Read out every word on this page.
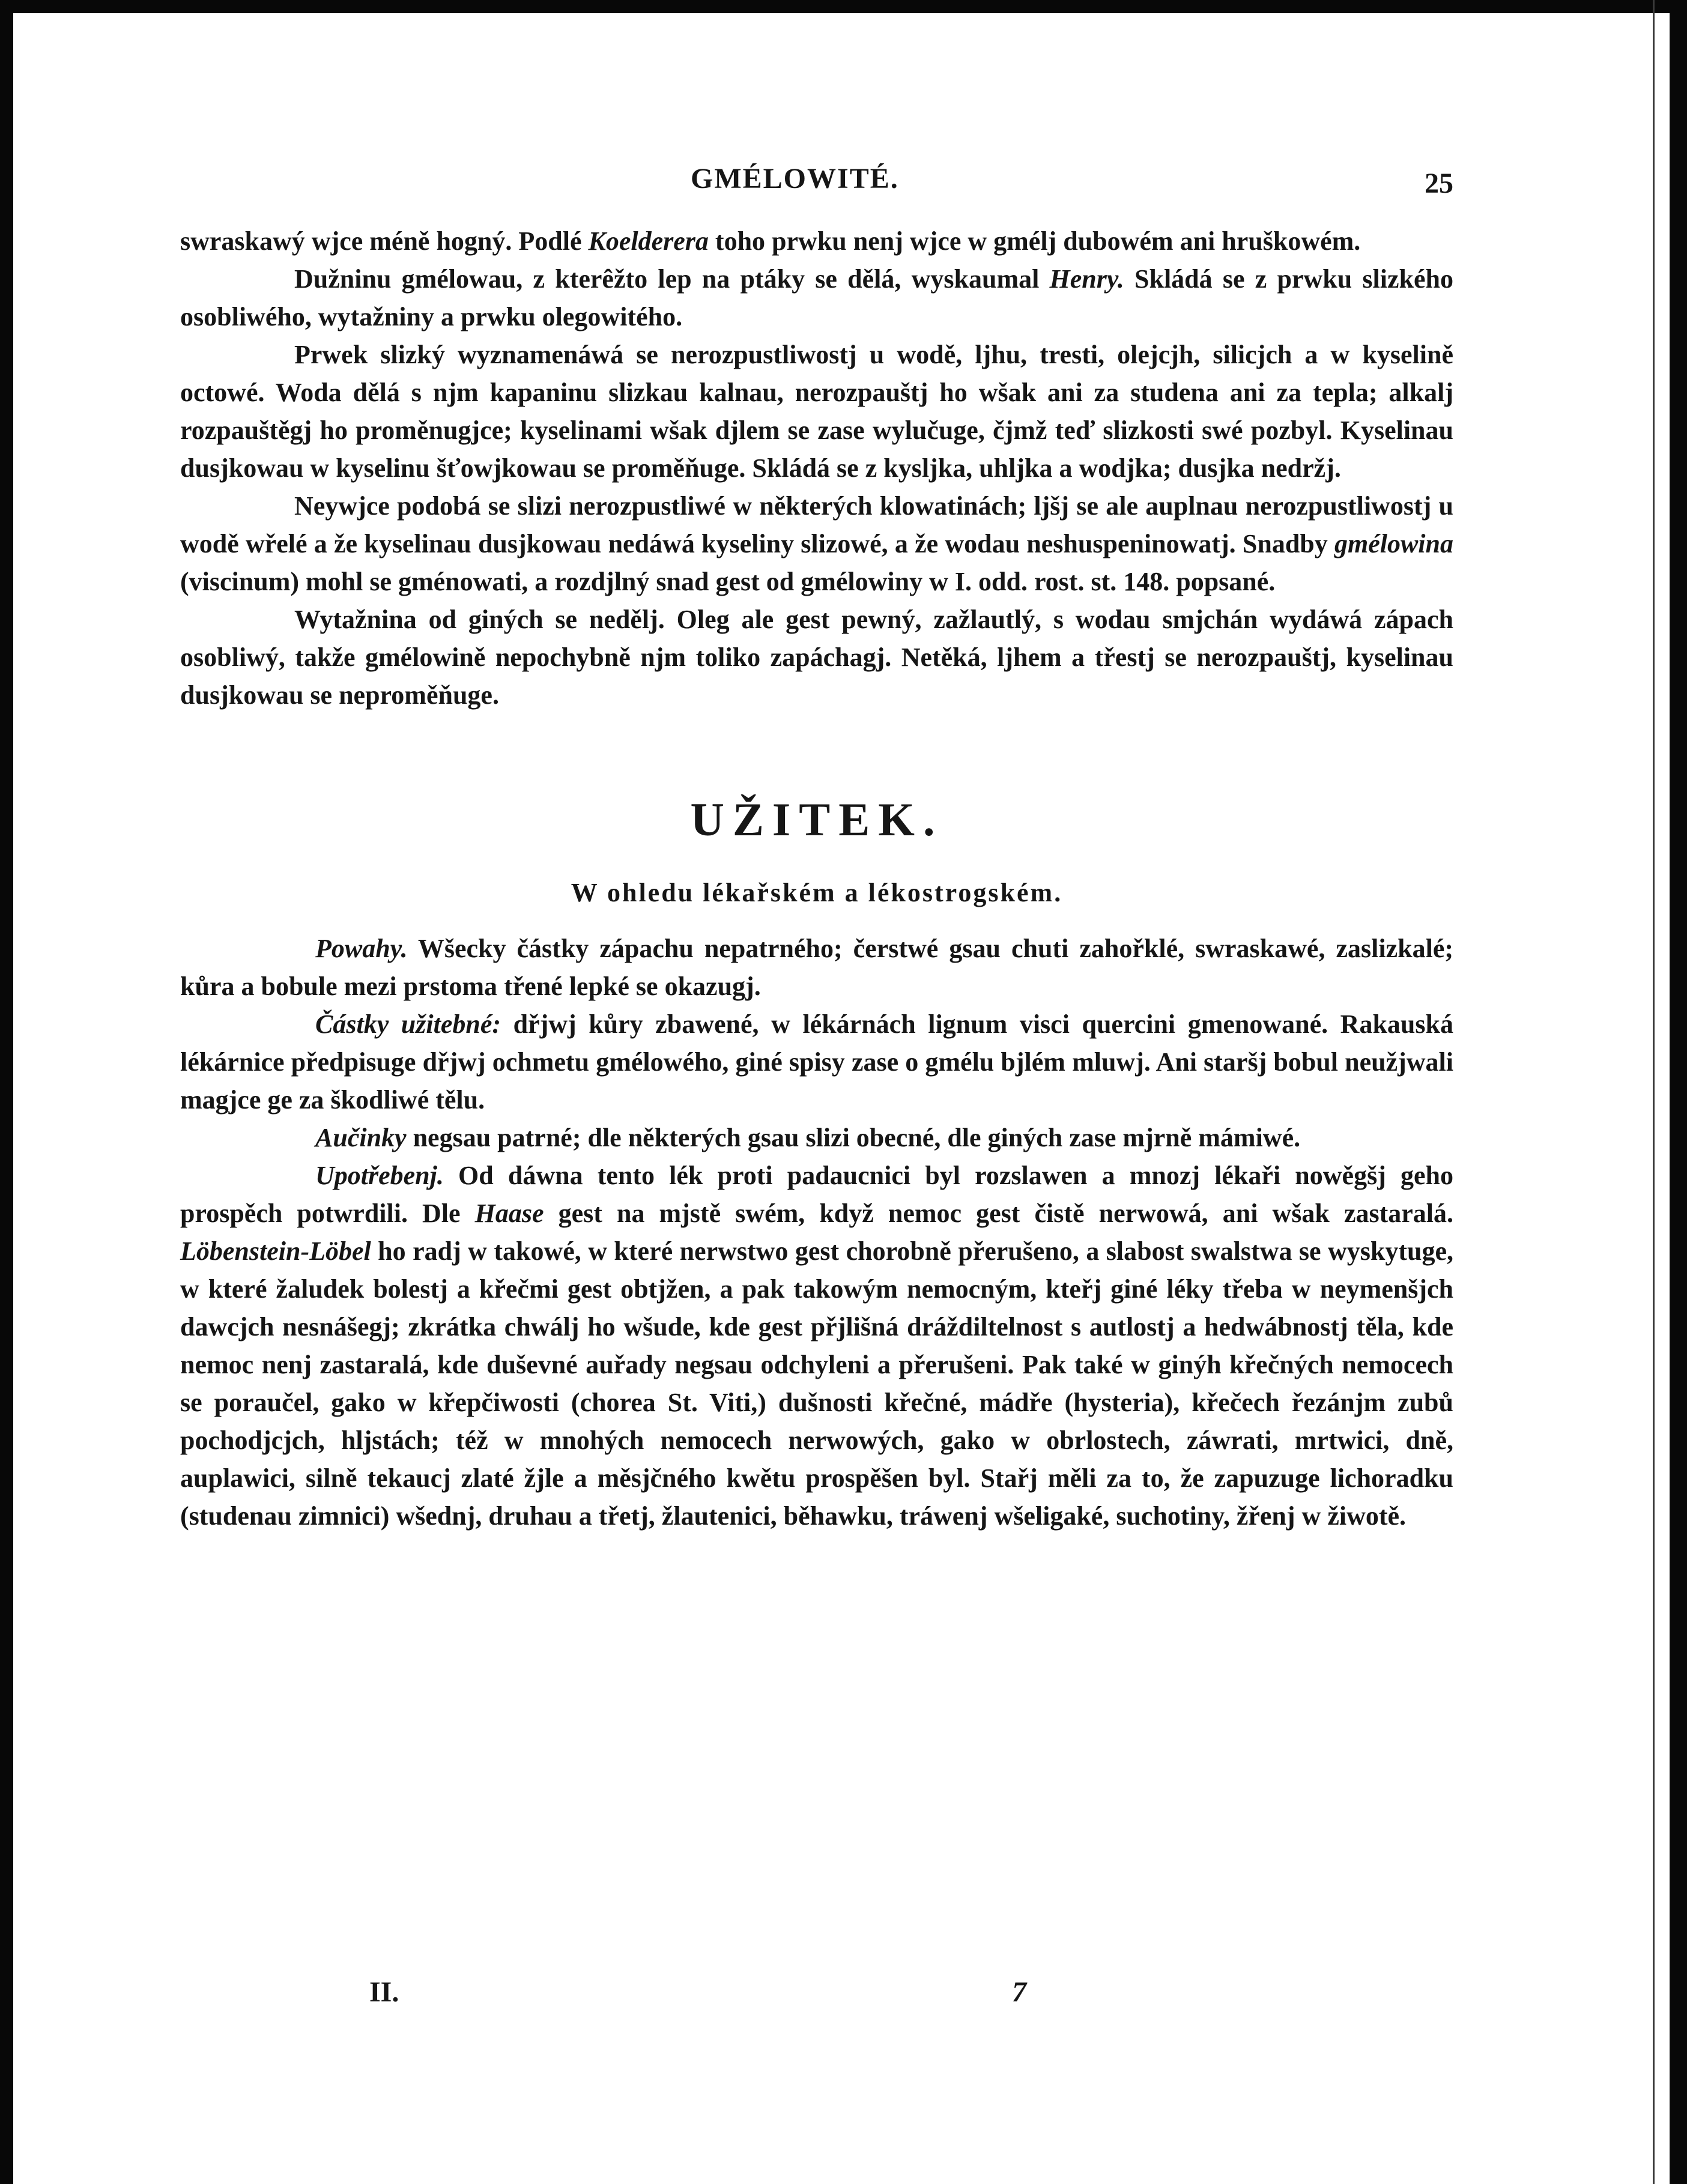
GMÉLOWITÉ.	25

swraskawý wjce méně hogný. Podlé Koelderera toho prwku nenj wjce w gmélj dubowém ani hruškowém.

Dužninu gmélowau, z kterêžto lep na ptáky se dělá, wyskaumal Henry. Skládá se z prwku slizkého osobliwého, wytažniny a prwku olegowitého.

Prwek slizký wyznamenáwá se nerozpustliwostj u wodě, ljhu, tresti, olejcjh, silicjch a w kyselině octowé. Woda dělá s njm kapaninu slizkau kalnau, nerozpauštj ho wšak ani za studena ani za tepla; alkalj rozpauštěgj ho proměnugjce; kyselinami wšak djlem se zase wylučuge, čjmž teď slizkosti swé pozbyl. Kyselinau dusjkowau w kyselinu šťowjkowau se proměňuge. Skládá se z kysljka, uhljka a wodjka; dusjka nedržj.

Neywjce podobá se slizi nerozpustliwé w některých klowatinách; ljšj se ale auplnau nerozpustliwostj u wodě wřelé a že kyselinau dusjkowau nedáwá kyseliny slizowé, a že wodau neshuspeninowatj. Snadby gmélowina (viscinum) mohl se gménowati, a rozdjlný snad gest od gmélowiny w I. odd. rost. st. 148. popsané.

Wytažnina od giných se nedělj. Oleg ale gest pewný, zažlautlý, s wodau smjchán wydáwá zápach osobliwý, takže gmélowině nepochybně njm toliko zapáchagj. Netěká, ljhem a třestj se nerozpauštj, kyselinau dusjkowau se neproměňuge.

UŽITEK.
W ohledu lékařském a lékostrogském.

Powahy. Wšecky částky zápachu nepatrného; čerstwé gsau chuti zahořklé, swraskawé, zaslizkalé; kůra a bobule mezi prstoma třené lepké se okazugj.

Částky užitebné: dřjwj kůry zbawené, w lékárnách lignum visci quercini gmenowané. Rakauská lékárnice předpisuge dřjwj ochmetu gmélowého, giné spisy zase o gmélu bjlém mluwj. Ani staršj bobul neužjwali magjce ge za škodliwé tělu.

Aučinky negsau patrné; dle některých gsau slizi obecné, dle giných zase mjrně mámiwé.

Upotřebenj. Od dáwna tento lék proti padaucnici byl rozslawen a mnozj lékaři nowěgšj geho prospěch potwrdili. Dle Haase gest na mjstě swém, když nemoc gest čistě nerwowá, ani wšak zastaralá. Löbenstein-Löbel ho radj w takowé, w které nerwstwo gest chorobně přerušeno, a slabost swalstwa se wyskytuge, w které žaludek bolestj a křečmi gest obtjžen, a pak takowým nemocným, kteřj giné léky třeba w neymenšjch dawcjch nesnášegj; zkrátka chwálj ho wšude, kde gest přjlišná dráždiltelnost s autlostj a hedwábnostj těla, kde nemoc nenj zastaralá, kde duševné auřady negsau odchyleni a přerušeni. Pak také w ginýh křečných nemocech se poraučel, gako w křepčiwosti (chorea St. Viti,) dušnosti křečné, mádře (hysteria), křečech řezánjm zubů pochodjcjch, hljstách; též w mnohých nemocech nerwowých, gako w obrlostech, záwrati, mrtwici, dně, auplawici, silně tekaucj zlaté žjle a měsjčného kwětu prospěšen byl. Stařj měli za to, že zapuzuge lichoradku (studenau zimnici) wšednj, druhau a třetj, žlautenici, běhawku, tráwenj wšeligaké, suchotiny, žřenj w žiwotě.

II.	7
